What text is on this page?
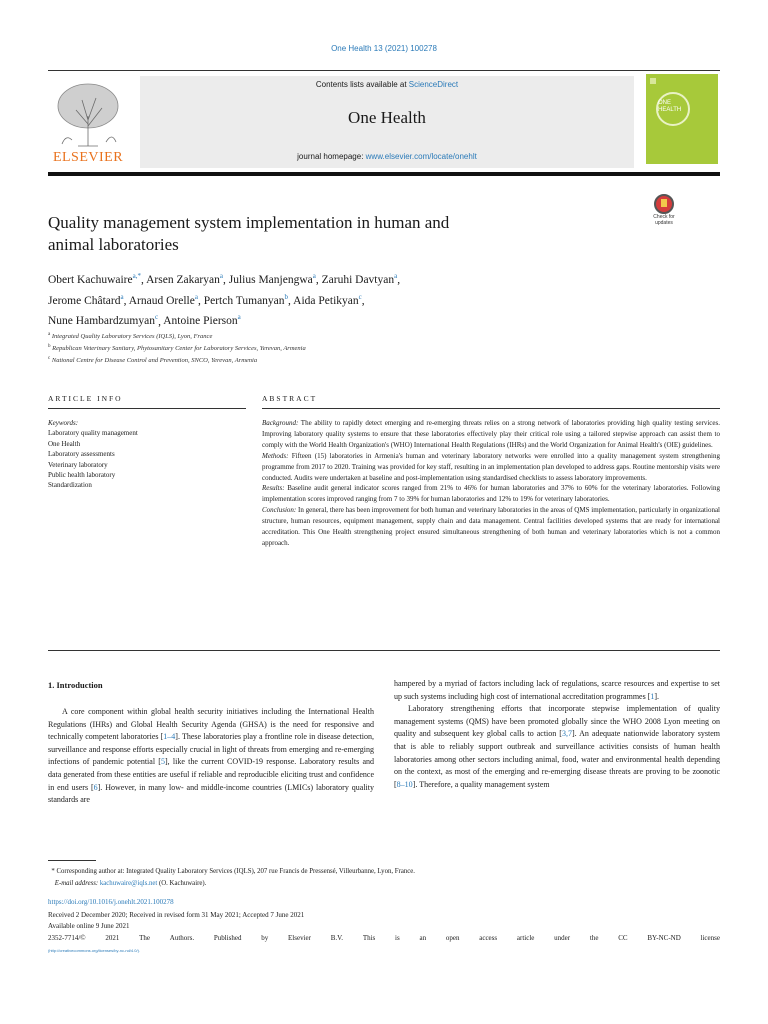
One Health 13 (2021) 100278
ELSEVIER
Contents lists available at ScienceDirect
One Health
journal homepage: www.elsevier.com/locate/onehlt
ONE
HEALTH
Check for
updates
Quality management system implementation in human and
animal laboratories
Obert Kachuwaire$^{a,*}$, Arsen Zakaryan$^a$, Julius Manjengwa$^a$, Zaruhi Davtyan$^a$,
Jerome Châtard$^a$, Arnaud Orelle$^a$, Pertch Tumanyan$^b$, Aida Petikyan$^c$,
Nune Hambardzumyan$^c$, Antoine Pierson$^a$
$^a$ Integrated Quality Laboratory Services (IQLS), Lyon, France
$^b$ Republican Veterinary Sanitary, Phytosanitary Center for Laboratory Services, Yerevan, Armenia
$^c$ National Centre for Disease Control and Prevention, SNCO, Yerevan, Armenia
ARTICLE INFO	ABSTRACT
Keywords:
Laboratory quality management
One Health
Laboratory assessments
Veterinary laboratory
Public health laboratory
Standardization

Background: The ability to rapidly detect emerging and re-emerging threats relies on a strong network of laboratories providing high quality testing services. Improving laboratory quality systems to ensure that these laboratories effectively play their critical role using a tailored stepwise approach can assist them to comply with the World Health Organization's (WHO) International Health Regulations (IHRs) and the World Organization for Animal Health's (OIE) guidelines.

Methods: Fifteen (15) laboratories in Armenia's human and veterinary laboratory networks were enrolled into a quality management system strengthening programme from 2017 to 2020. Training was provided for key staff, resulting in an implementation plan developed to address gaps. Routine mentorship visits were conducted. Audits were undertaken at baseline and post-implementation using standardised checklists to assess laboratory improvements.

Results: Baseline audit general indicator scores ranged from 21% to 46% for human laboratories and 37% to 60% for the veterinary laboratories. Following implementation scores improved ranging from 7 to 39% for human laboratories and 12% to 19% for veterinary laboratories.

Conclusion: In general, there has been improvement for both human and veterinary laboratories in the areas of QMS implementation, particularly in organizational structure, human resources, equipment management, supply chain and data management. Central facilities developed systems that are ready for international accreditation. This One Health strengthening project ensured simultaneous strengthening of both human and veterinary laboratories which is not a common approach.

1. Introduction
A core component within global health security initiatives including the International Health Regulations (IHRs) and Global Health Security Agenda (GHSA) is the need for responsive and technically competent laboratories [1–4]. These laboratories play a frontline role in disease detection, surveillance and response efforts especially crucial in light of threats from emerging and re-emerging infections of pandemic potential [5], like the current COVID-19 response. Laboratory results and data generated from these entities are useful if reliable and reproducible eliciting trust and confidence in end users [6]. However, in many low- and middle-income countries (LMICs) laboratory quality standards are

hampered by a myriad of factors including lack of regulations, scarce resources and expertise to set up such systems including high cost of international accreditation programmes [1].

Laboratory strengthening efforts that incorporate stepwise implementation of quality management systems (QMS) have been promoted globally since the WHO 2008 Lyon meeting on quality and subsequent key global calls to action [3,7]. An adequate nationwide laboratory system that is able to reliably support outbreak and surveillance activities consists of human health laboratories among other sectors including animal, food, water and environmental health depending on the context, as most of the emerging and re-emerging disease threats are proving to be zoonotic [8–10]. Therefore, a quality management system

* Corresponding author at: Integrated Quality Laboratory Services (IQLS), 207 rue Francis de Pressensé, Villeurbanne, Lyon, France.
E-mail address: kachuwaire@iqls.net (O. Kachuwaire).
https://doi.org/10.1016/j.onehlt.2021.100278
Received 2 December 2020; Received in revised form 31 May 2021; Accepted 7 June 2021
Available online 9 June 2021
2352-7714/©	2021	The	Authors.	Published	by	Elsevier	B.V.	This	is	an	open	access	article	under	the	CC	BY-NC-ND	license
(http://creativecommons.org/licenses/by-nc-nd/4.0/).
